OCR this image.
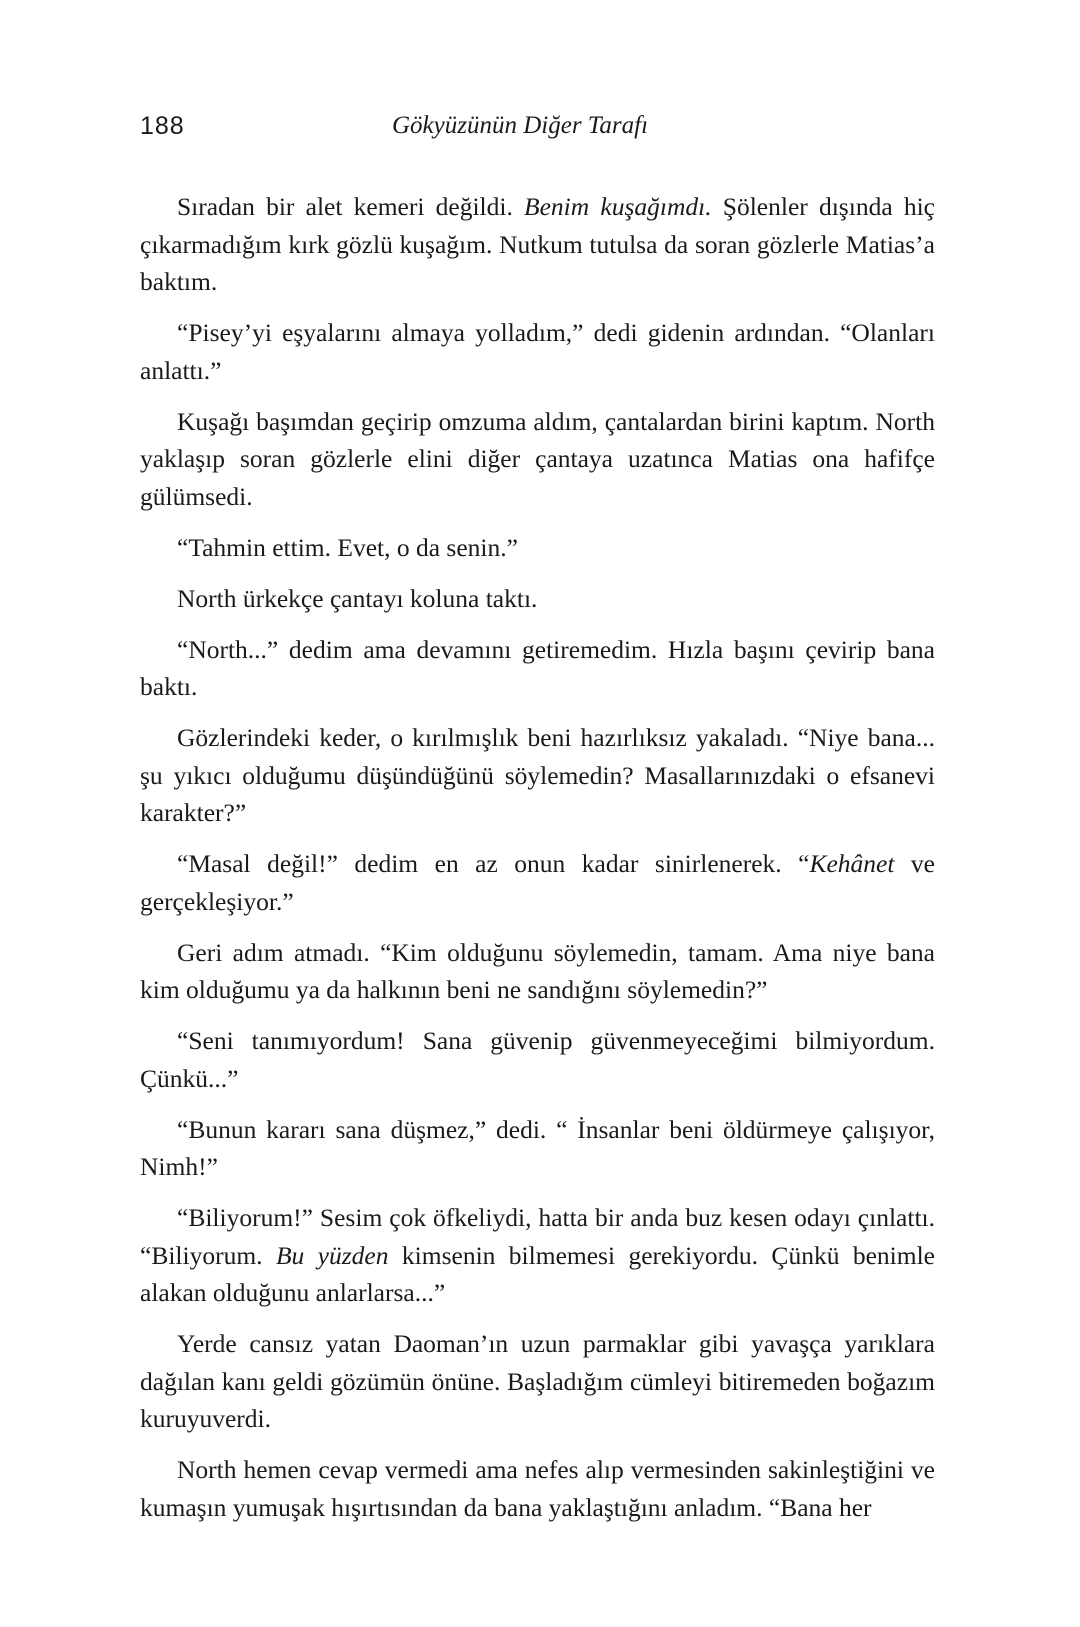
188	Gökyüzünün Diğer Tarafı

Sıradan bir alet kemeri değildi. Benim kuşağımdı. Şölenler dışında hiç çıkarmadığım kırk gözlü kuşağım. Nutkum tutulsa da soran gözlerle Matias’a baktım.

“Pisey’yi eşyalarını almaya yolladım,” dedi gidenin ardından. “Olanları anlattı.”

Kuşağı başımdan geçirip omzuma aldım, çantalardan birini kaptım. North yaklaşıp soran gözlerle elini diğer çantaya uzatınca Matias ona hafifçe gülümsedi.

“Tahmin ettim. Evet, o da senin.”

North ürkekçe çantayı koluna taktı.

“North...” dedim ama devamını getiremedim. Hızla başını çevirip bana baktı.

Gözlerindeki keder, o kırılmışlık beni hazırlıksız yakaladı. “Niye bana... şu yıkıcı olduğumu düşündüğünü söylemedin? Masallarınızdaki o efsanevi karakter?”

“Masal değil!” dedim en az onun kadar sinirlenerek. “Kehânet ve gerçekleşiyor.”

Geri adım atmadı. “Kim olduğunu söylemedin, tamam. Ama niye bana kim olduğumu ya da halkının beni ne sandığını söylemedin?”

“Seni tanımıyordum! Sana güvenip güvenmeyeceğimi bilmiyordum. Çünkü...”

“Bunun kararı sana düşmez,” dedi. “ İnsanlar beni öldürmeye çalışıyor, Nimh!”

“Biliyorum!” Sesim çok öfkeliydi, hatta bir anda buz kesen odayı çınlattı. “Biliyorum. Bu yüzden kimsenin bilmemesi gerekiyordu. Çünkü benimle alakan olduğunu anlarlarsa...”

Yerde cansız yatan Daoman’ın uzun parmaklar gibi yavaşça yarıklara dağılan kanı geldi gözümün önüne. Başladığım cümleyi bitiremeden boğazım kuruyuverdi.

North hemen cevap vermedi ama nefes alıp vermesinden sakinleştiğini ve kumaşın yumuşak hışırtısından da bana yaklaştığını anladım. “Bana her
